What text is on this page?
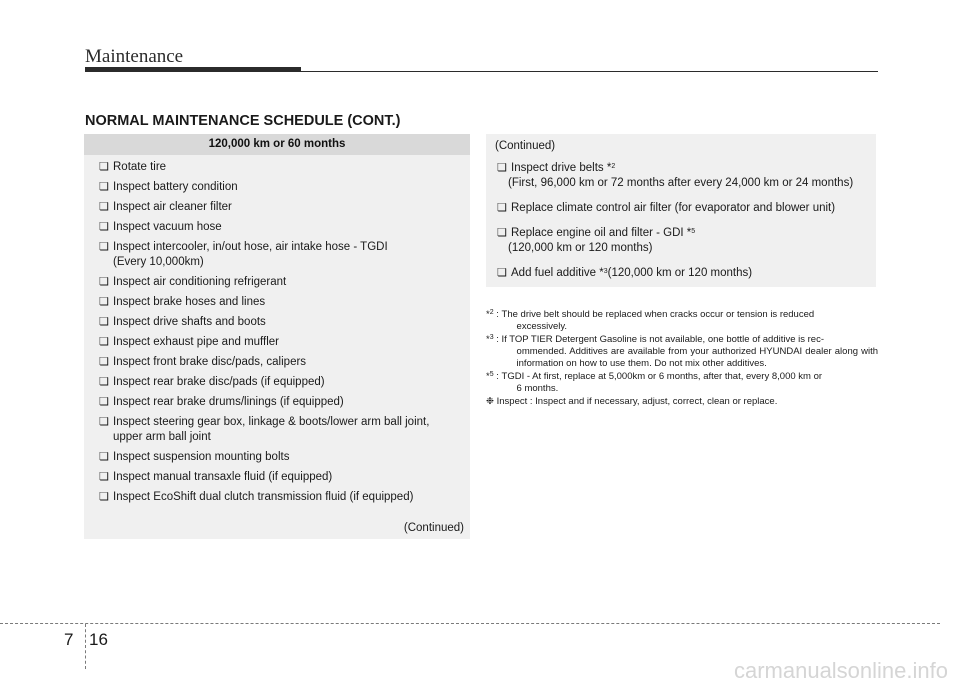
Maintenance
NORMAL MAINTENANCE SCHEDULE (CONT.)
120,000 km or 60 months
❏ Rotate tire
❏ Inspect battery condition
❏ Inspect air cleaner filter
❏ Inspect vacuum hose
❏ Inspect intercooler, in/out hose, air intake hose - TGDI
(Every 10,000km)
❏ Inspect air conditioning refrigerant
❏ Inspect brake hoses and lines
❏ Inspect drive shafts and boots
❏ Inspect exhaust pipe and muffler
❏ Inspect front brake disc/pads, calipers
❏ Inspect rear brake disc/pads (if equipped)
❏ Inspect rear brake drums/linings (if equipped)
❏ Inspect steering gear box, linkage & boots/lower arm ball joint,
upper arm ball joint
❏ Inspect suspension mounting bolts
❏ Inspect manual transaxle fluid (if equipped)
❏ Inspect EcoShift dual clutch transmission fluid (if equipped)
(Continued)
(Continued)
❏ Inspect drive belts *$^2$
(First, 96,000 km or 72 months after every 24,000 km or 24 months)
❏ Replace climate control air filter (for evaporator and blower unit)
❏ Replace engine oil and filter - GDI *$^5$
(120,000 km or 120 months)
❏ Add fuel additive *$^3$(120,000 km or 120 months)
*$^2$ : The drive belt should be replaced when cracks occur or tension is reduced
excessively.
*$^3$ : If TOP TIER Detergent Gasoline is not available, one bottle of additive is rec-
ommended. Additives are available from your authorized HYUNDAI dealer along with information on how to use them. Do not mix other additives.
*$^5$ : TGDI - At first, replace at 5,000km or 6 months, after that, every 8,000 km or
6 months.
❉ Inspect : Inspect and if necessary, adjust, correct, clean or replace.
7 16
carmanualsonline.info
